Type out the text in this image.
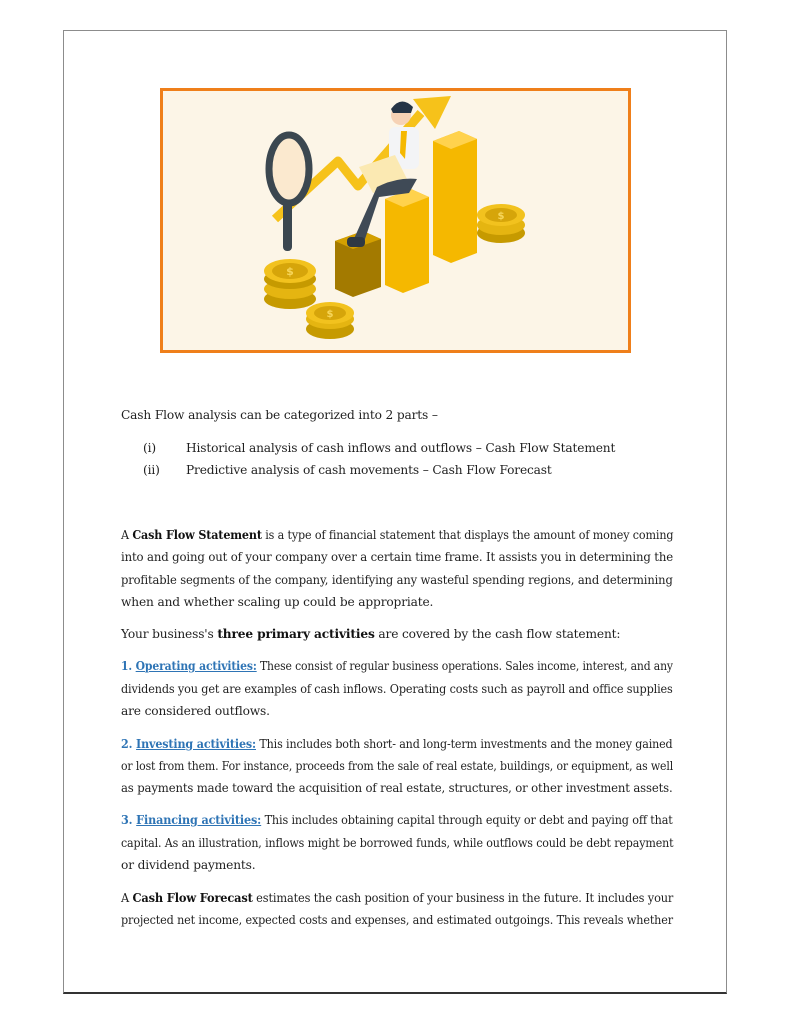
$
$
$
Cash Flow analysis can be categorized into 2 parts –
(i) Historical analysis of cash inflows and outflows – Cash Flow Statement
(ii) Predictive analysis of cash movements – Cash Flow Forecast
A Cash Flow Statement is a type of financial statement that displays the amount of money coming
into and going out of your company over a certain time frame. It assists you in determining the
profitable segments of the company, identifying any wasteful spending regions, and determining
when and whether scaling up could be appropriate.
Your business's three primary activities are covered by the cash flow statement:
1. Operating activities: These consist of regular business operations. Sales income, interest, and any
dividends you get are examples of cash inflows. Operating costs such as payroll and office supplies
are considered outflows.
2. Investing activities: This includes both short- and long-term investments and the money gained
or lost from them. For instance, proceeds from the sale of real estate, buildings, or equipment, as well
as payments made toward the acquisition of real estate, structures, or other investment assets.
3. Financing activities: This includes obtaining capital through equity or debt and paying off that
capital. As an illustration, inflows might be borrowed funds, while outflows could be debt repayment
or dividend payments.
A Cash Flow Forecast estimates the cash position of your business in the future. It includes your
projected net income, expected costs and expenses, and estimated outgoings. This reveals whether
